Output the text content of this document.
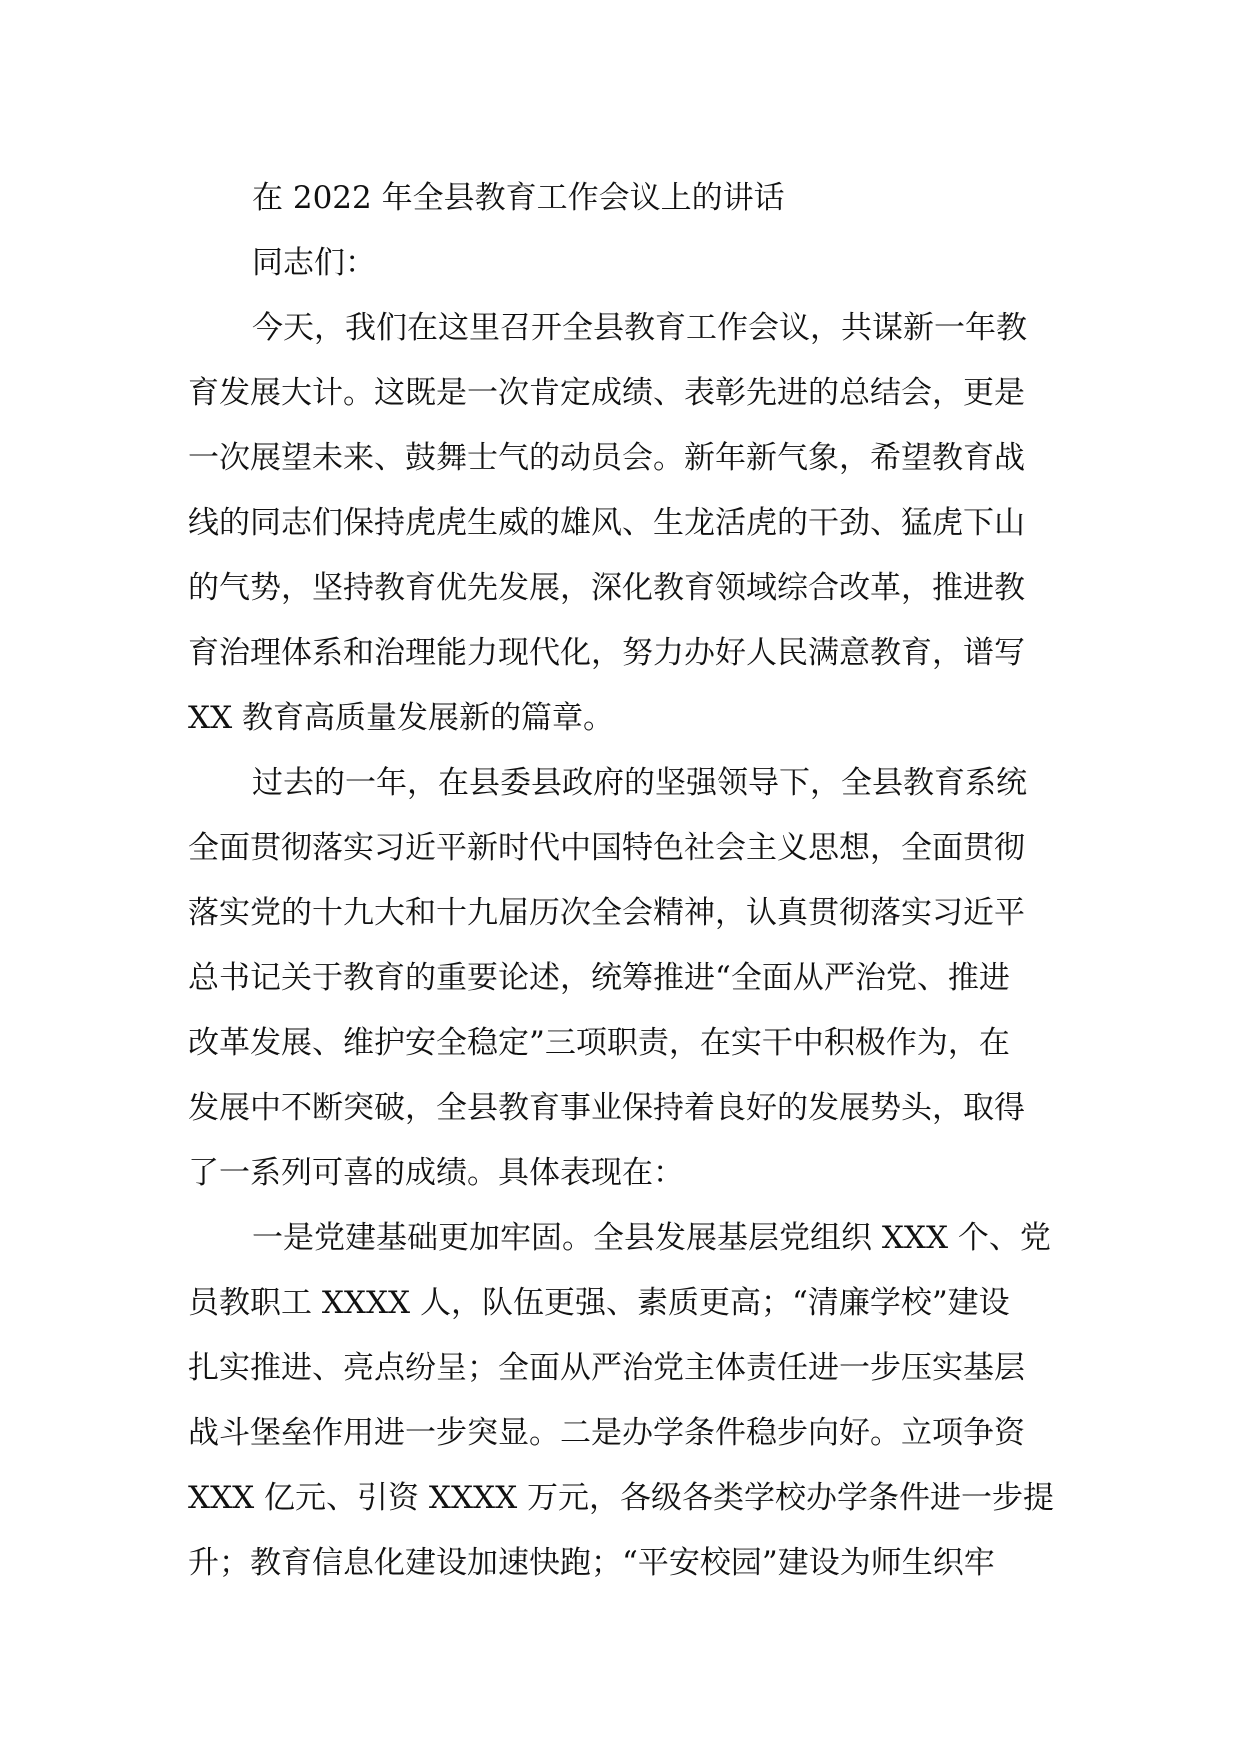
在 2022 年全县教育工作会议上的讲话
同志们：
今天，我们在这里召开全县教育工作会议，共谋新一年教
育发展大计。这既是一次肯定成绩、表彰先进的总结会，更是
一次展望未来、鼓舞士气的动员会。新年新气象，希望教育战
线的同志们保持虎虎生威的雄风、生龙活虎的干劲、猛虎下山
的气势，坚持教育优先发展，深化教育领域综合改革，推进教
育治理体系和治理能力现代化，努力办好人民满意教育，谱写
XX 教育高质量发展新的篇章。
过去的一年，在县委县政府的坚强领导下，全县教育系统
全面贯彻落实习近平新时代中国特色社会主义思想，全面贯彻
落实党的十九大和十九届历次全会精神，认真贯彻落实习近平
总书记关于教育的重要论述，统筹推进“全面从严治党、推进
改革发展、维护安全稳定”三项职责，在实干中积极作为，在
发展中不断突破，全县教育事业保持着良好的发展势头，取得
了一系列可喜的成绩。具体表现在：
一是党建基础更加牢固。全县发展基层党组织 XXX 个、党
员教职工 XXXX 人，队伍更强、素质更高；“清廉学校”建设
扎实推进、亮点纷呈；全面从严治党主体责任进一步压实基层
战斗堡垒作用进一步突显。二是办学条件稳步向好。立项争资
XXX 亿元、引资 XXXX 万元，各级各类学校办学条件进一步提
升；教育信息化建设加速快跑；“平安校园”建设为师生织牢
